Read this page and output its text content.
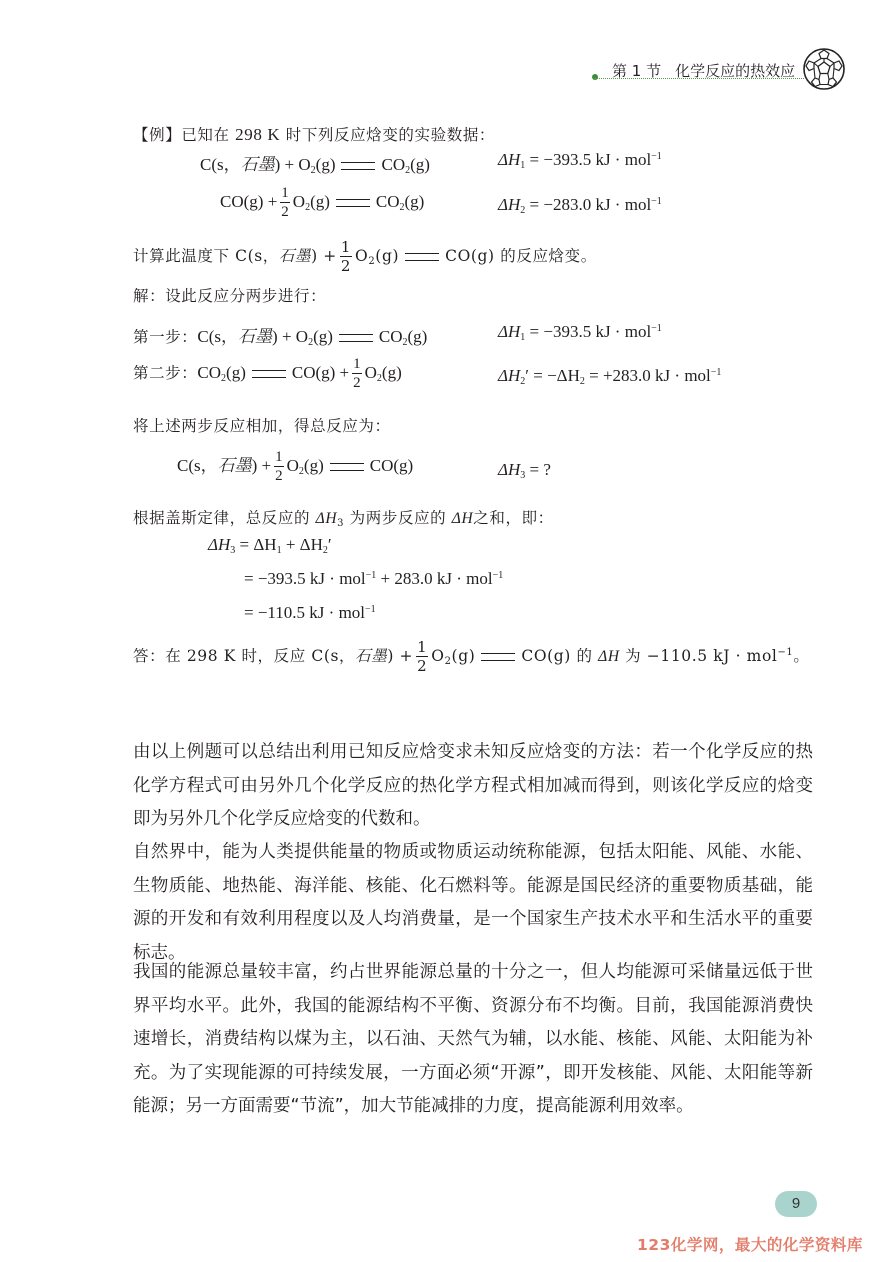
第 1 节 化学反应的热效应
【例】已知在 298 K 时下列反应焓变的实验数据：
C(s，石墨) + $O_2(g)$	$CO_2(g)$	$\Delta H_1 = -393.5$ kJ · mol$^{-1}$
$CO(g) + \frac{1}{2} O_2(g)$	$CO_2(g)$	$\Delta H_2 = -283.0$ kJ · mol$^{-1}$
计算此温度下 C(s，石墨) + $\frac{1}{2} O_2(g)$	CO(g) 的反应焓变。
解：设此反应分两步进行：
第一步：C(s，石墨) + $O_2(g)$	$CO_2(g)$	$\Delta H_1 = -393.5$ kJ · mol$^{-1}$
第二步：$CO_2(g)$	$CO(g) + \frac{1}{2} O_2(g)$	$\Delta H_2' = -\Delta H_2 = +283.0$ kJ · mol$^{-1}$
将上述两步反应相加，得总反应为：
C(s，石墨) + $\frac{1}{2} O_2(g)$	CO(g)	$\Delta H_3$ = ?
根据盖斯定律，总反应的 $\Delta H_3$ 为两步反应的 ΔH之和，即：
$\Delta H_3 = \Delta H_1 + \Delta H_2'$
= −393.5 kJ · mol$^{-1}$ + 283.0 kJ · mol$^{-1}$
= −110.5 kJ · mol$^{-1}$
答：在 298 K 时，反应 C(s，石墨) + $\frac{1}{2} O_2(g)$	CO(g) 的 ΔH 为 −110.5 kJ · mol$^{-1}$。
由以上例题可以总结出利用已知反应焓变求未知反应焓变的方法：若一个化学反应的热化学方程式可由另外几个化学反应的热化学方程式相加减而得到，则该化学反应的焓变即为另外几个化学反应焓变的代数和。
自然界中，能为人类提供能量的物质或物质运动统称能源，包括太阳能、风能、水能、生物质能、地热能、海洋能、核能、化石燃料等。能源是国民经济的重要物质基础，能源的开发和有效利用程度以及人均消费量，是一个国家生产技术水平和生活水平的重要标志。
我国的能源总量较丰富，约占世界能源总量的十分之一，但人均能源可采储量远低于世界平均水平。此外，我国的能源结构不平衡、资源分布不均衡。目前，我国能源消费快速增长，消费结构以煤为主，以石油、天然气为辅，以水能、核能、风能、太阳能为补充。为了实现能源的可持续发展，一方面必须“开源”，即开发核能、风能、太阳能等新能源；另一方面需要“节流”，加大节能减排的力度，提高能源利用效率。
9
123化学网，最大的化学资料库
